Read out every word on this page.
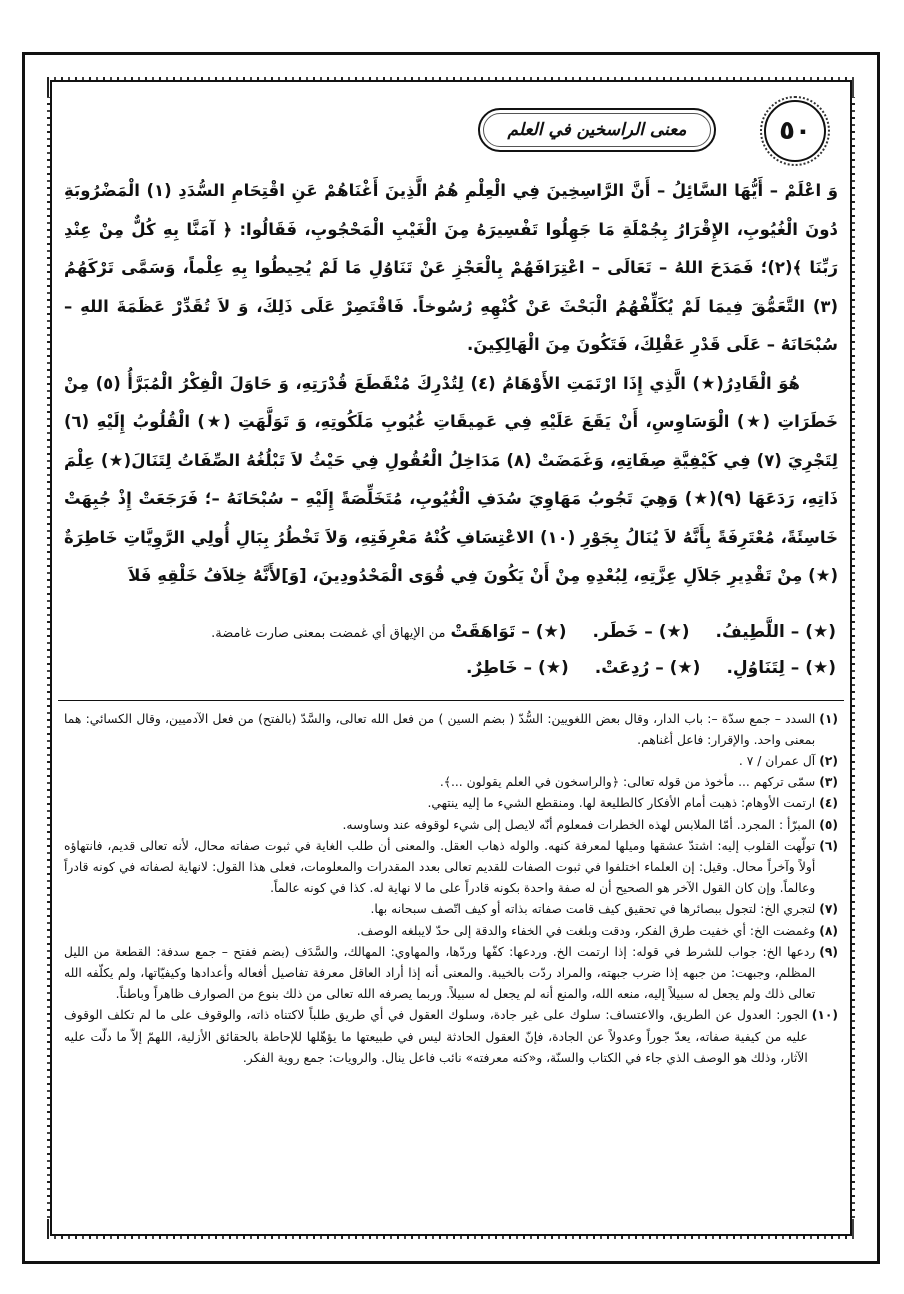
٥٠
معنى الراسخين في العلم

وَ اعْلَمْ – أَيُّهَا السَّائِلُ – أَنَّ الرَّاسِخِينَ فِي الْعِلْمِ هُمُ الَّذِينَ أَغْنَاهُمْ عَنِ اقْتِحَامِ السُّدَدِ (١) الْمَضْرُوبَةِ دُونَ الْغُيُوبِ، الإِقْرَارُ بِجُمْلَةِ مَا جَهِلُوا تَفْسِيرَهُ مِنَ الْغَيْبِ الْمَحْجُوبِ، فَقَالُوا: ﴿ آمَنَّا بِهِ كُلٌّ مِنْ عِنْدِ رَبِّنَا ﴾(٢)؛ فَمَدَحَ اللهُ – تَعَالَى – اعْتِرَافَهُمْ بِالْعَجْزِ عَنْ تَنَاوُلِ مَا لَمْ يُحِيطُوا بِهِ عِلْماً، وَسَمَّى تَرْكَهُمُ (٣) التَّعَمُّقَ فِيمَا لَمْ يُكَلِّفْهُمُ الْبَحْثَ عَنْ كُنْهِهِ رُسُوخاً. فَاقْتَصِرْ عَلَى ذَلِكَ، وَ لاَ تُقَدِّرْ عَظَمَةَ اللهِ – سُبْحَانَهُ – عَلَى قَدْرِ عَقْلِكَ، فَتَكُونَ مِنَ الْهَالِكِينَ.

هُوَ الْقَادِرُ(★) الَّذِي إِذَا ارْتَمَتِ الأَوْهَامُ (٤) لِتُدْرِكَ مُنْقَطَعَ قُدْرَتِهِ، وَ حَاوَلَ الْفِكْرُ الْمُبَرَّأُ (٥) مِنْ خَطَرَاتِ (★) الْوَسَاوِسِ، أَنْ يَقَعَ عَلَيْهِ فِي عَمِيقَاتِ غُيُوبِ مَلَكُوتِهِ، وَ تَوَلَّهَتِ (★) الْقُلُوبُ إِلَيْهِ (٦) لِتَجْرِيَ (٧) فِي كَيْفِيَّةِ صِفَاتِهِ، وَغَمَضَتْ (٨) مَدَاخِلُ الْعُقُولِ فِي حَيْثُ لاَ تَبْلُغُهُ الصِّفَاتُ لِتَنَالَ(★) عِلْمَ ذَاتِهِ، رَدَعَهَا (٩)(★) وَهِيَ تَجُوبُ مَهَاوِيَ سُدَفِ الْغُيُوبِ، مُتَخَلِّصَةً إِلَيْهِ – سُبْحَانَهُ –؛ فَرَجَعَتْ إِذْ جُبِهَتْ خَاسِئَةً، مُعْتَرِفَةً بِأَنَّهُ لاَ يُنَالُ بِجَوْرِ (١٠) الاعْتِسَافِ كُنْهُ مَعْرِفَتِهِ، وَلاَ تَخْطُرُ بِبَالِ أُولِي الرَّوِيَّاتِ خَاطِرَةٌ (★) مِنْ تَقْدِيرِ جَلاَلِ عِزَّتِهِ، لِبُعْدِهِ مِنْ أَنْ يَكُونَ فِي قُوَى الْمَحْدُودِينَ، [وَ]لأَنَّهُ خِلاَفُ خَلْقِهِ فَلاَ

(★) – اللَّطِيفُ.
(★) – خَطَر.
(★) – تَوَاهَقَتْ من الإيهاق أي غمضت بمعنى صارت غامضة.
(★) – لِتَنَاوُلِ.
(★) – رُدِعَتْ.
(★) – خَاطِرٌ.

(١)
السدد – جمع سدّة –: باب الدار، وقال بعض اللغويين: السُّدّ ( بضم السين ) من فعل الله تعالى، والسَّدّ (بالفتح) من فعل الآدميين، وقال الكسائي: هما بمعنى واحد. والإقرار: فاعل أغناهم.

(٢)
آل عمران / ٧ .

(٣)
سمّى تركهم ... مأخوذ من قوله تعالى: ﴿والراسخون في العلم يقولون ...﴾.

(٤)
ارتمت الأوهام: ذهبت أمام الأفكار كالطليعة لها. ومنقطع الشيء ما إليه ينتهي.

(٥)
المبرّأ : المجرد. أمّا الملابس لهذه الخطرات فمعلوم أنّه لايصل إلى شيء لوقوفه عند وساوسه.

(٦)
تولّهت القلوب إليه: اشتدّ عشقها وميلها لمعرفة كنهه. والوله ذهاب العقل. والمعنى أن طلب الغاية في ثبوت صفاته محال، لأنه تعالى قديم، فانتهاؤه أولاً وآخراً محال. وقيل: إن العلماء اختلفوا في ثبوت الصفات للقديم تعالى بعدد المقدرات والمعلومات، فعلى هذا القول: لانهاية لصفاته في كونه قادراً وعالماً. وإن كان القول الآخر هو الصحيح أن له صفة واحدة بكونه قادراً على ما لا نهاية له. كذا في كونه عالماً.

(٧)
لتجري الخ: لتجول ببصائرها في تحقيق كيف قامت صفاته بذاته أو كيف اتّصف سبحانه بها.

(٨)
وغمضت الخ: أي خفيت طرق الفكر، ودقت وبلغت في الخفاء والدقة إلى حدّ لايبلغه الوصف.

(٩)
ردعها الخ: جواب للشرط في قوله: إذا ارتمت الخ. وردعها: كفّها وردّها، والمهاوي: المهالك، والسَّدَف (بضم ففتح – جمع سدفة: القطعة من الليل المظلم، وجبهت: من جبهه إذا ضرب جبهته، والمراد ردّت بالخيبة. والمعنى أنه إذا أراد العاقل معرفة تفاصيل أفعاله وأعدادها وكيفيّاتها، ولم يكلّفه الله تعالى ذلك ولم يجعل له سبيلاً إليه، منعه الله، والمنع أنه لم يجعل له سبيلاً. وربما يصرفه الله تعالى من ذلك بنوع من الصوارف ظاهراً وباطناً.

(١٠)
الجور: العدول عن الطريق، والاعتساف: سلوك على غير جادة، وسلوك العقول في أي طريق طلباً لاكتناه ذاته، والوقوف على ما لم تكلف الوقوف عليه من كيفية صفاته، يعدّ جوراً وعدولاً عن الجادة، فإنّ العقول الحادثة ليس في طبيعتها ما يؤهّلها للإحاطة بالحقائق الأزلية، اللهمّ إلاّ ما دلّت عليه الآثار، وذلك هو الوصف الذي جاء في الكتاب والسنّة، و«كنه معرفته» نائب فاعل ينال. والرويات: جمع روية الفكر.
